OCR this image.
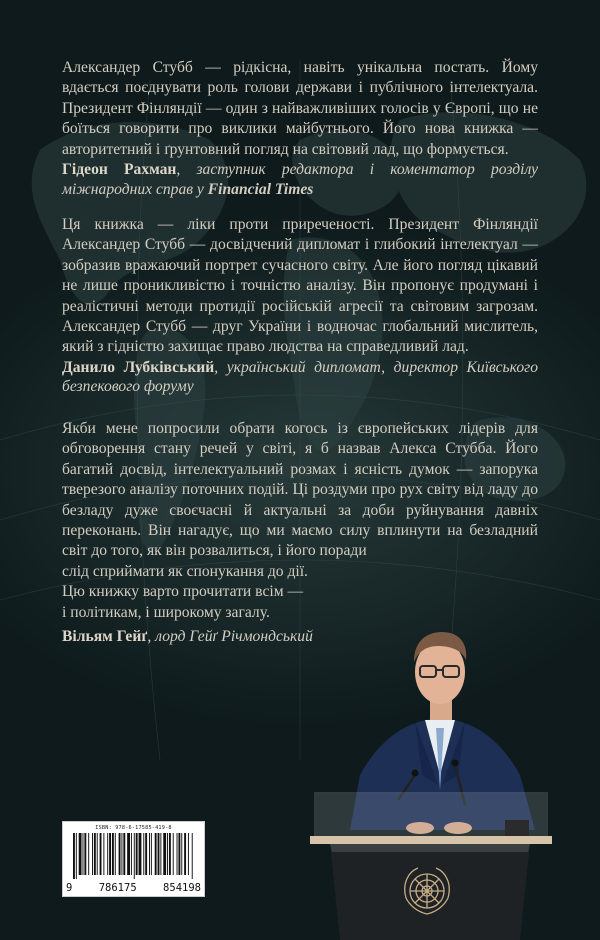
Александер Стубб — рідкісна, навіть унікальна постать. Йому вдається поєднувати роль голови держави і публічного інтелектуала. Президент Фінляндії — один з найважливіших голосів у Європі, що не боїться говорити про виклики майбутнього. Його нова книжка — авторитетний і ґрунтовний погляд на світовий лад, що формується.

Гідеон Рахман, заступник редактора і коментатор розділу міжнародних справ у Financial Times

Ця книжка — ліки проти приреченості. Президент Фінляндії Александер Стубб — досвідчений дипломат і глибокий інтелектуал — зобразив вражаючий портрет сучасного світу. Але його погляд цікавий не лише проникливістю і точністю аналізу. Він пропонує продумані і реалістичні методи протидії російській агресії та світовим загрозам. Александер Стубб — друг України і водночас глобальний мислитель, який з гідністю захищає право людства на справедливий лад.

Данило Лубківський, український дипломат, директор Київського безпекового форуму

Якби мене попросили обрати когось із європейських лідерів для обговорення стану речей у світі, я б назвав Алекса Стубба. Його багатий досвід, інтелектуальний розмах і ясність думок — запорука тверезого аналізу поточних подій. Ці роздуми про рух світу від ладу до безладу дуже своєчасні й актуальні за доби руйнування давніх переконань. Він нагадує, що ми маємо силу вплинути на безладний світ до того, як він розвалиться, і його поради

слід сприймати як спонукання до дії.

Цю книжку варто прочитати всім —

і політикам, і широкому загалу.

Вільям Гейґ, лорд Гейґ Річмондський

ISBN: 978-6-17585-419-8
9	786175	854198
